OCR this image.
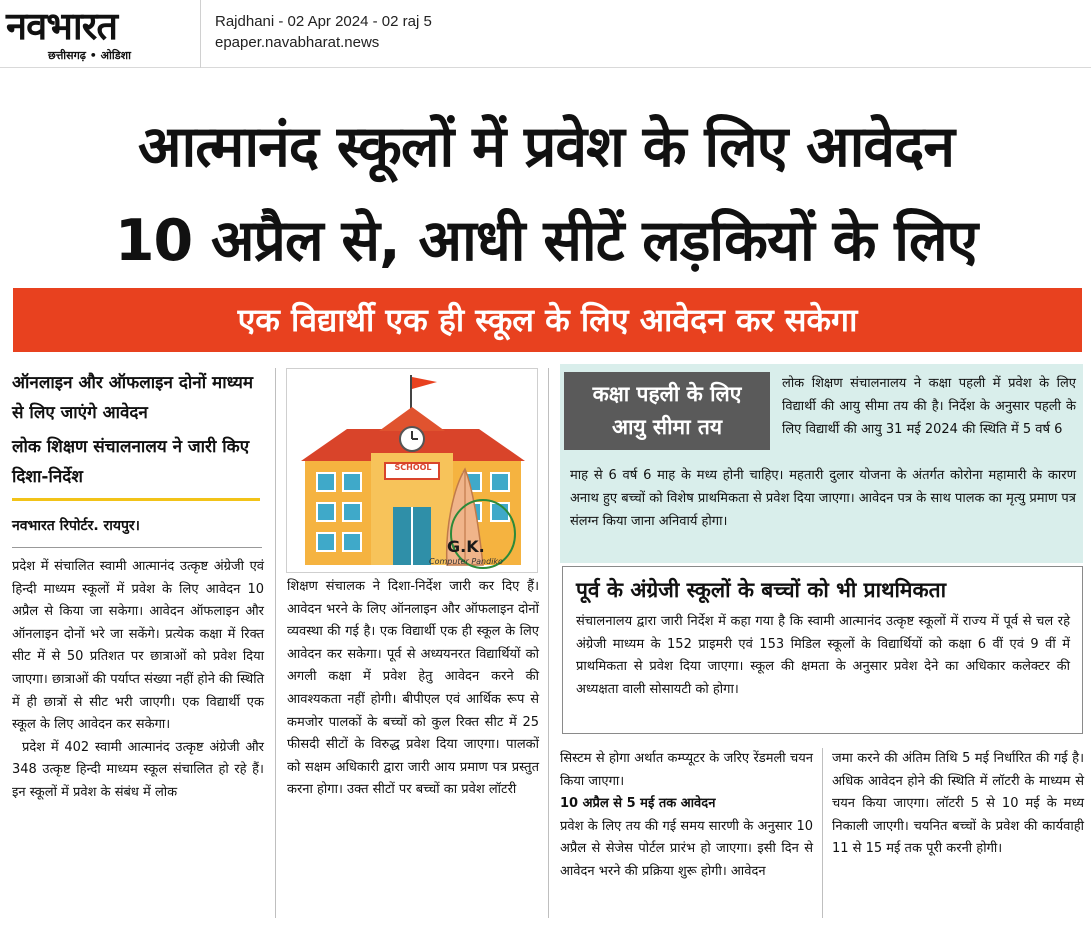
नवभारत
छत्तीसगढ़ • ओडिशा
Rajdhani - 02 Apr 2024 - 02 raj 5
epaper.navabharat.news
आत्मानंद स्कूलों में प्रवेश के लिए आवेदन
10 अप्रैल से, आधी सीटें लड़कियों के लिए
एक विद्यार्थी एक ही स्कूल के लिए आवेदन कर सकेगा
ऑनलाइन और ऑफलाइन दोनों माध्यम से लिए जाएंगे आवेदन
लोक शिक्षण संचालनालय ने जारी किए दिशा-निर्देश
नवभारत रिपोर्टर. रायपुर।

प्रदेश में संचालित स्वामी आत्मानंद उत्कृष्ट अंग्रेजी एवं हिन्दी माध्यम स्कूलों में प्रवेश के लिए आवेदन 10 अप्रैल से किया जा सकेगा। आवेदन ऑफलाइन और ऑनलाइन दोनों भरे जा सकेंगे। प्रत्येक कक्षा में रिक्त सीट में से 50 प्रतिशत पर छात्राओं को प्रवेश दिया जाएगा। छात्राओं की पर्याप्त संख्या नहीं होने की स्थिति में ही छात्रों से सीट भरी जाएगी। एक विद्यार्थी एक स्कूल के लिए आवेदन कर सकेगा।

प्रदेश में 402 स्वामी आत्मानंद उत्कृष्ट अंग्रेजी और 348 उत्कृष्ट हिन्दी माध्यम स्कूल संचालित हो रहे हैं। इन स्कूलों में प्रवेश के संबंध में लोक

SCHOOL
G.K.
Computer Pandiko

शिक्षण संचालक ने दिशा-निर्देश जारी कर दिए हैं। आवेदन भरने के लिए ऑनलाइन और ऑफलाइन दोनों व्यवस्था की गई है। एक विद्यार्थी एक ही स्कूल के लिए आवेदन कर सकेगा। पूर्व से अध्ययनरत विद्यार्थियों को अगली कक्षा में प्रवेश हेतु आवेदन करने की आवश्यकता नहीं होगी। बीपीएल एवं आर्थिक रूप से कमजोर पालकों के बच्चों को कुल रिक्त सीट में 25 फीसदी सीटों के विरुद्ध प्रवेश दिया जाएगा। पालकों को सक्षम अधिकारी द्वारा जारी आय प्रमाण पत्र प्रस्तुत करना होगा। उक्त सीटों पर बच्चों का प्रवेश लॉटरी

कक्षा पहली के लिए
आयु सीमा तय
लोक शिक्षण संचालनालय ने कक्षा पहली में प्रवेश के लिए विद्यार्थी की आयु सीमा तय की है। निर्देश के अनुसार पहली के लिए विद्यार्थी की आयु 31 मई 2024 की स्थिति में 5 वर्ष 6
माह से 6 वर्ष 6 माह के मध्य होनी चाहिए। महतारी दुलार योजना के अंतर्गत कोरोना महामारी के कारण अनाथ हुए बच्चों को विशेष प्राथमिकता से प्रवेश दिया जाएगा। आवेदन पत्र के साथ पालक का मृत्यु प्रमाण पत्र संलग्न किया जाना अनिवार्य होगा।
पूर्व के अंग्रेजी स्कूलों के बच्चों को भी प्राथमिकता
संचालनालय द्वारा जारी निर्देश में कहा गया है कि स्वामी आत्मानंद उत्कृष्ट स्कूलों में राज्य में पूर्व से चल रहे अंग्रेजी माध्यम के 152 प्राइमरी एवं 153 मिडिल स्कूलों के विद्यार्थियों को कक्षा 6 वीं एवं 9 वीं में प्राथमिकता से प्रवेश दिया जाएगा। स्कूल की क्षमता के अनुसार प्रवेश देने का अधिकार कलेक्टर की अध्यक्षता वाली सोसायटी को होगा।

सिस्टम से होगा अर्थात कम्प्यूटर के जरिए रेंडमली चयन किया जाएगा।

10 अप्रैल से 5 मई तक आवेदन

प्रवेश के लिए तय की गई समय सारणी के अनुसार 10 अप्रैल से सेजेस पोर्टल प्रारंभ हो जाएगा। इसी दिन से आवेदन भरने की प्रक्रिया शुरू होगी। आवेदन

जमा करने की अंतिम तिथि 5 मई निर्धारित की गई है। अधिक आवेदन होने की स्थिति में लॉटरी के माध्यम से चयन किया जाएगा। लॉटरी 5 से 10 मई के मध्य निकाली जाएगी। चयनित बच्चों के प्रवेश की कार्यवाही 11 से 15 मई तक पूरी करनी होगी।
